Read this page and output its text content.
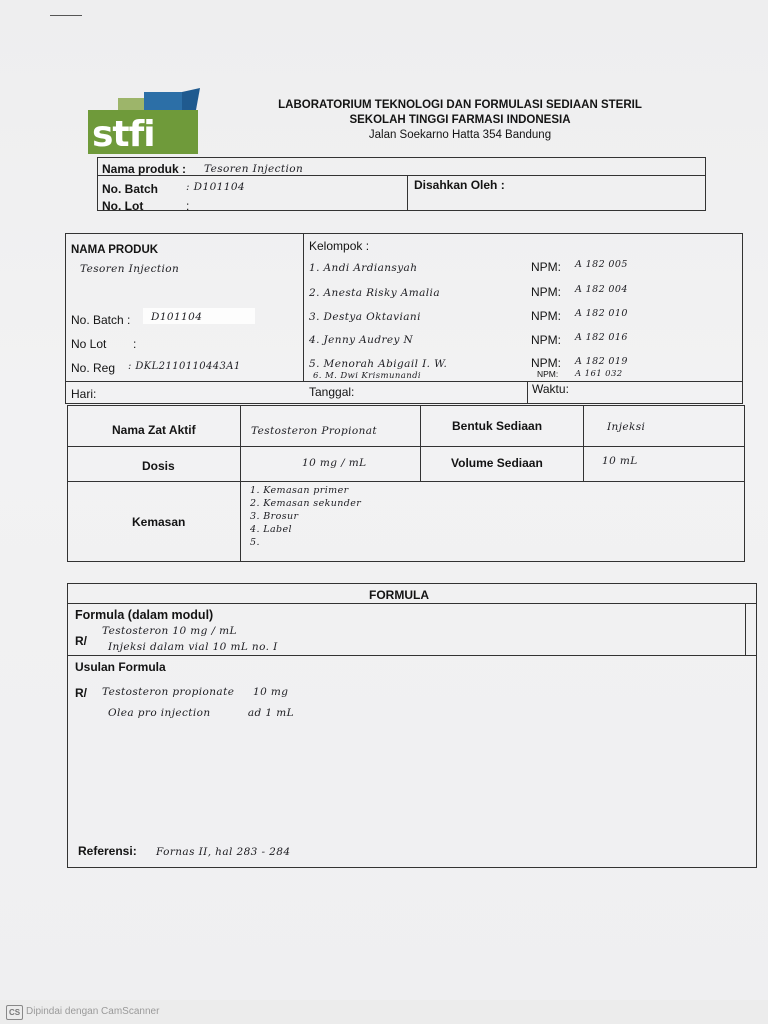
stfi
LABORATORIUM TEKNOLOGI DAN FORMULASI SEDIAAN STERIL
SEKOLAH TINGGI FARMASI INDONESIA
Jalan Soekarno Hatta 354 Bandung
Nama produk : Tesoren Injection
No. Batch	: D101104
No. Lot	:
Disahkan Oleh :
NAMA PRODUK
Tesoren Injection
No. Batch : D101104
No Lot :
No. Reg : DKL2110110443A1
Kelompok :
1. Andi Ardiansyah	NPM: A 182 005
2. Anesta Risky Amalia	NPM: A 182 004
3. Destya Oktaviani	NPM: A 182 010
4. Jenny Audrey N	NPM: A 182 016
5. Menorah Abigail I. W.	NPM: A 182 019
6. M. Dwi Krismunandi	NPM: A 161 032
Hari:	Tanggal:	Waktu:
Nama Zat Aktif	Testosteron Propionat	Bentuk Sediaan	Injeksi
Dosis	10 mg / mL	Volume Sediaan	10 mL
Kemasan
1. Kemasan primer
2. Kemasan sekunder
3. Brosur
4. Label
5.
FORMULA
Formula (dalam modul)
R/
Testosteron 10 mg / mL
Injeksi dalam vial 10 mL no. I
Usulan Formula
R/ Testosteron propionate     10 mg
Olea pro injection          ad 1 mL
Referensi: Fornas II, hal 283 - 284
CS Dipindai dengan CamScanner
